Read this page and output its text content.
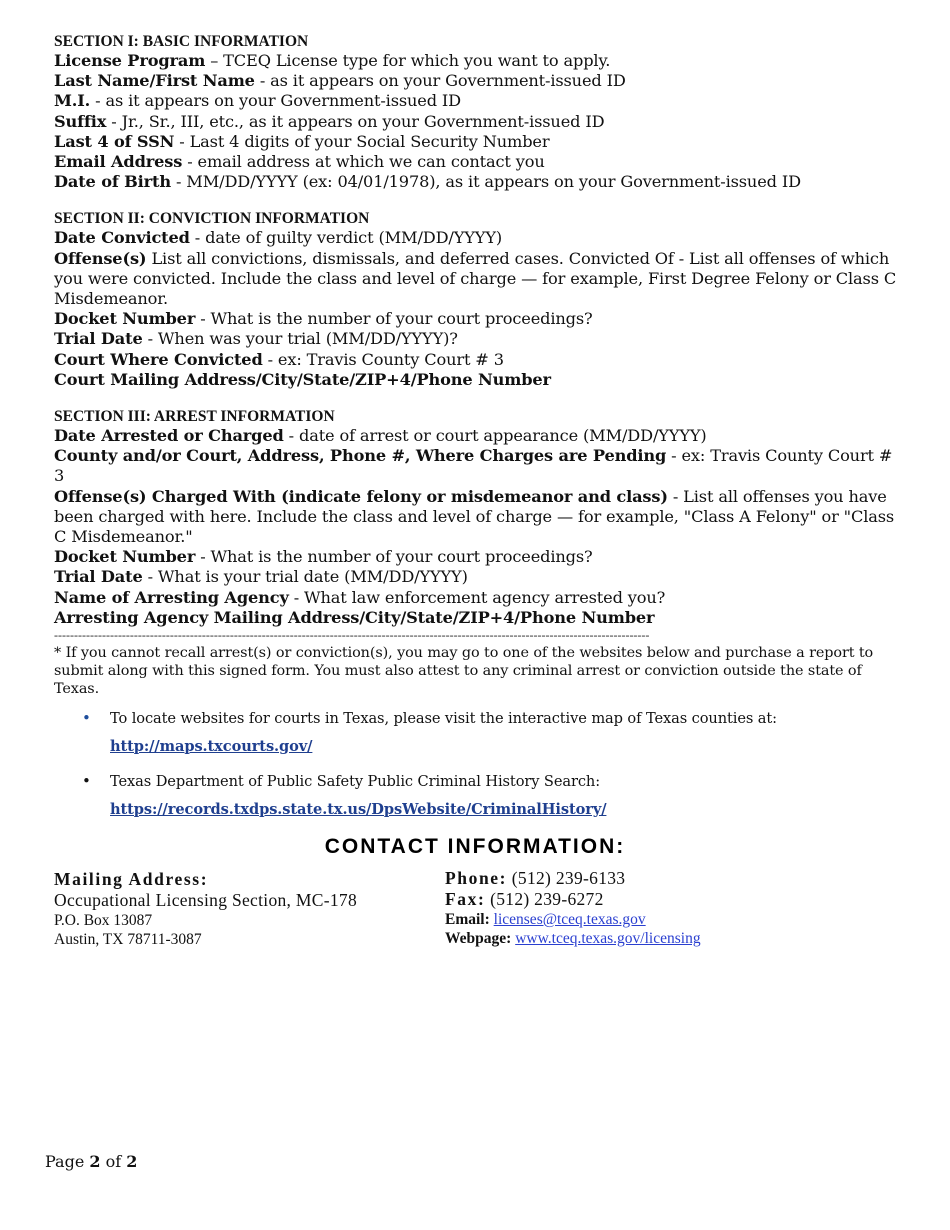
SECTION I: BASIC INFORMATION

License Program – TCEQ License type for which you want to apply.

Last Name/First Name - as it appears on your Government-issued ID

M.I. - as it appears on your Government-issued ID

Suffix - Jr., Sr., III, etc., as it appears on your Government-issued ID

Last 4 of SSN - Last 4 digits of your Social Security Number

Email Address - email address at which we can contact you

Date of Birth - MM/DD/YYYY (ex: 04/01/1978), as it appears on your Government-issued ID

SECTION II: CONVICTION INFORMATION

Date Convicted - date of guilty verdict (MM/DD/YYYY)

Offense(s) List all convictions, dismissals, and deferred cases. Convicted Of - List all offenses of which you were convicted. Include the class and level of charge — for example, First Degree Felony or Class C Misdemeanor.

Docket Number - What is the number of your court proceedings?

Trial Date - When was your trial (MM/DD/YYYY)?

Court Where Convicted - ex: Travis County Court # 3

Court Mailing Address/City/State/ZIP+4/Phone Number

SECTION III: ARREST INFORMATION

Date Arrested or Charged - date of arrest or court appearance (MM/DD/YYYY)

County and/or Court, Address, Phone #, Where Charges are Pending - ex: Travis County Court # 3

Offense(s) Charged With (indicate felony or misdemeanor and class) - List all offenses you have been charged with here. Include the class and level of charge — for example, "Class A Felony" or "Class C Misdemeanor."

Docket Number - What is the number of your court proceedings?

Trial Date - What is your trial date (MM/DD/YYYY)

Name of Arresting Agency - What law enforcement agency arrested you?

Arresting Agency Mailing Address/City/State/ZIP+4/Phone Number

-----------------------------------------------------------------------------------------------------------------------------------------------------

* If you cannot recall arrest(s) or conviction(s), you may go to one of the websites below and purchase a report to submit along with this signed form. You must also attest to any criminal arrest or conviction outside the state of Texas.

• To locate websites for courts in Texas, please visit the interactive map of Texas counties at:
http://maps.txcourts.gov/
• Texas Department of Public Safety Public Criminal History Search:
https://records.txdps.state.tx.us/DpsWebsite/CriminalHistory/
CONTACT INFORMATION:

Mailing Address:

Occupational Licensing Section, MC-178

P.O. Box 13087

Austin, TX 78711-3087

Phone: (512) 239-6133

Fax: (512) 239-6272

Email: licenses@tceq.texas.gov

Webpage: www.tceq.texas.gov/licensing

Page 2 of 2
